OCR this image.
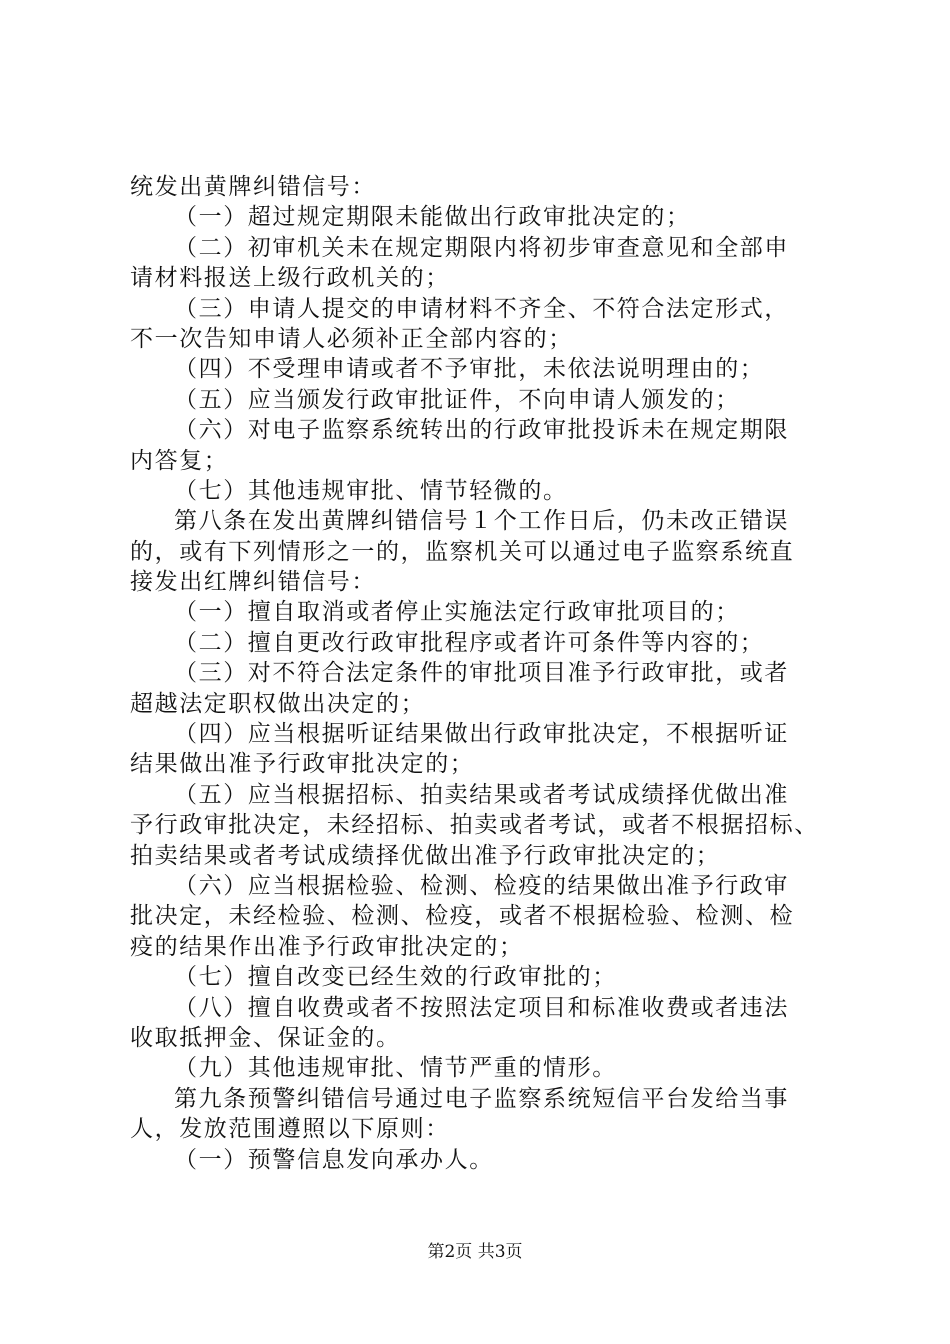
统发出黄牌纠错信号：
（一）超过规定期限未能做出行政审批决定的；
（二）初审机关未在规定期限内将初步审查意见和全部申
请材料报送上级行政机关的；
（三）申请人提交的申请材料不齐全、不符合法定形式，
不一次告知申请人必须补正全部内容的；
（四）不受理申请或者不予审批，未依法说明理由的；
（五）应当颁发行政审批证件，不向申请人颁发的；
（六）对电子监察系统转出的行政审批投诉未在规定期限
内答复；
（七）其他违规审批、情节轻微的。
第八条在发出黄牌纠错信号１个工作日后，仍未改正错误
的，或有下列情形之一的，监察机关可以通过电子监察系统直
接发出红牌纠错信号：
（一）擅自取消或者停止实施法定行政审批项目的；
（二）擅自更改行政审批程序或者许可条件等内容的；
（三）对不符合法定条件的审批项目准予行政审批，或者
超越法定职权做出决定的；
（四）应当根据听证结果做出行政审批决定，不根据听证
结果做出准予行政审批决定的；
（五）应当根据招标、拍卖结果或者考试成绩择优做出准
予行政审批决定，未经招标、拍卖或者考试，或者不根据招标、
拍卖结果或者考试成绩择优做出准予行政审批决定的；
（六）应当根据检验、检测、检疫的结果做出准予行政审
批决定，未经检验、检测、检疫，或者不根据检验、检测、检
疫的结果作出准予行政审批决定的；
（七）擅自改变已经生效的行政审批的；
（八）擅自收费或者不按照法定项目和标准收费或者违法
收取抵押金、保证金的。
（九）其他违规审批、情节严重的情形。
第九条预警纠错信号通过电子监察系统短信平台发给当事
人，发放范围遵照以下原则：
（一）预警信息发向承办人。
第2页 共3页
